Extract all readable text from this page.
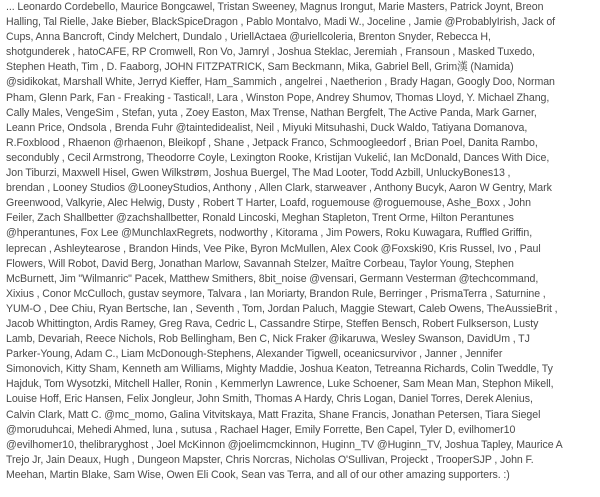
... Leonardo Cordebello, Maurice Bongcawel, Tristan Sweeney, Magnus Irongut, Marie Masters, Patrick Joynt, Breon
Halling, Tal Rielle, Jake Bieber, BlackSpiceDragon , Pablo Montalvo, Madi W., Joceline , Jamie @ProbablyIrish, Jack of
Cups, Anna Bancroft, Cindy Melchert, Dundalo , UriellActaea @uriellcoleria, Brenton Snyder, Rebecca H,
shotgunderek , hatoCAFE, RP Cromwell, Ron Vo, Jamryl , Joshua Steklac, Jeremiah , Fransoun , Masked Tuxedo,
Stephen Heath, Tim , D. Faaborg, JOHN FITZPATRICK, Sam Beckmann, Mika, Gabriel Bell, Grim漢 (Namida)
@sidikokat, Marshall White, Jerryd Kieffer, Ham_Sammich , angelrei , Naetherion , Brady Hagan, Googly Doo, Norman
Pham, Glenn Park, Fan - Freaking - Tastical!, Lara , Winston Pope, Andrey Shumov, Thomas Lloyd, Y. Michael Zhang,
Cally Males, VengeSim , Stefan, yuta , Zoey Easton, Max Trense, Nathan Bergfelt, The Active Panda, Mark Garner,
Leann Price, Ondsola , Brenda Fuhr @taintedidealist, Neil , Miyuki Mitsuhashi, Duck Waldo, Tatiyana Domanova,
R.Foxblood , Rhaenon @rhaenon, Bleikopf , Shane , Jetpack Franco, Schmoogleedorf , Brian Poel, Danita Rambo,
secondubly , Cecil Armstrong, Theodorre Coyle, Lexington Rooke, Kristijan Vukelić, Ian McDonald, Dances With Dice,
Jon Tiburzi, Maxwell Hisel, Gwen Wilkstrøm, Joshua Buergel, The Mad Looter, Todd Azbill, UnluckyBones13 ,
brendan , Looney Studios @LooneyStudios, Anthony , Allen Clark, starweaver , Anthony Bucyk, Aaron W Gentry, Mark
Greenwood, Valkyrie, Alec Helwig, Dusty , Robert T Harter, Loafd, roguemouse @roguemouse, Ashe_Boxx , John
Feiler, Zach Shallbetter @zachshallbetter, Ronald Lincoski, Meghan Stapleton, Trent Orme, Hilton Perantunes
@hperantunes, Fox Lee @MunchlaxRegrets, nodworthy , Kitorama , Jim Powers, Roku Kuwagara, Ruffled Griffin,
leprecan , Ashleytearose , Brandon Hinds, Vee Pike, Byron McMullen, Alex Cook @Foxski90, Kris Russel, Ivo , Paul
Flowers, Will Robot, David Berg, Jonathan Marlow, Savannah Stelzer, Maître Corbeau, Taylor Young, Stephen
McBurnett, Jim "Wilmanric" Pacek, Matthew Smithers, 8bit_noise @vensari, Germann Vesterman @techcommand,
Xixius , Conor McCulloch, gustav seymore, Talvara , Ian Moriarty, Brandon Rule, Berringer , PrismaTerra , Saturnine ,
YUM-O , Dee Chiu, Ryan Bertsche, Ian , Seventh , Tom, Jordan Paluch, Maggie Stewart, Caleb Owens, TheAussieBrit ,
Jacob Whittington, Ardis Ramey, Greg Rava, Cedric L, Cassandre Stirpe, Steffen Bensch, Robert Fulkserson, Lusty
Lamb, Devariah, Reece Nichols, Rob Bellingham, Ben C, Nick Fraker @ikaruwa, Wesley Swanson, DavidUm , TJ
Parker-Young, Adam C., Liam McDonough-Stephens, Alexander Tigwell, oceanicsurvivor , Janner , Jennifer
Simonovich, Kitty Sham, Kenneth am Williams, Mighty Maddie, Joshua Keaton, Tetreanna Richards, Colin Tweddle, Ty
Hajduk, Tom Wysotzki, Mitchell Haller, Ronin , Kemmerlyn Lawrence, Luke Schoener, Sam Mean Man, Stephon Mikell,
Louise Hoff, Eric Hansen, Felix Jongleur, John Smith, Thomas A Hardy, Chris Logan, Daniel Torres, Derek Alenius,
Calvin Clark, Matt C. @mc_momo, Galina Vitvitskaya, Matt Frazita, Shane Francis, Jonathan Petersen, Tiara Siegel
@moruduhcai, Mehedi Ahmed, luna , sutusa , Rachael Hager, Emily Forrette, Ben Capel, Tyler D, evilhomer10
@evilhomer10, thelibraryghost , Joel McKinnon @joelimcmckinnon, Huginn_TV @Huginn_TV, Joshua Tapley, Maurice A
Trejo Jr, Jain Deaux, Hugh , Dungeon Mapster, Chris Norcras, Nicholas O'Sullivan, Projeckt , TrooperSJP , John F.
Meehan, Martin Blake, Sam Wise, Owen Eli Cook, Sean vas Terra, and all of our other amazing supporters. :)
